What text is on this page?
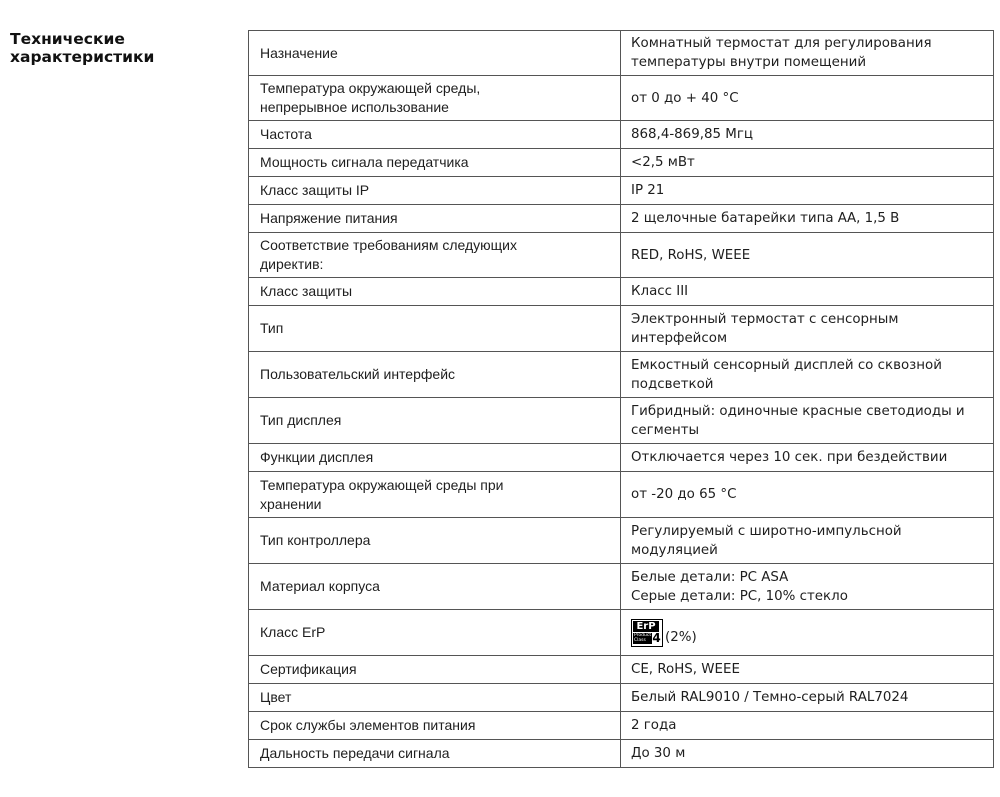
Технические
характеристики	Назначение	Комнатный термостат для регулирования
температуры внутри помещений

Температура окружающей среды,
непрерывное использование	от 0 до + 40 °C

Частота	868,4-869,85 Мгц

Мощность сигнала передатчика	<2,5 мВт

Класс защиты IP	IP 21

Напряжение питания	2 щелочные батарейки типа АА, 1,5 В

Соответствие требованиям следующих
директив:	RED, RoHS, WEEE

Класс защиты	Класс III

Тип	Электронный термостат с сенсорным
интерфейсом

Пользовательский интерфейс	Емкостный сенсорный дисплей со сквозной
подсветкой

Тип дисплея	Гибридный: одиночные красные светодиоды и
сегменты

Функции дисплея	Отключается через 10 сек. при бездействии

Температура окружающей среды при
хранении	от -20 до 65 °C

Тип контроллера	Регулируемый с широтно-импульсной
модуляцией

Материал корпуса	Белые детали: PC ASA
Серые детали: PC, 10% стекло

Класс ErP	ErP
Product
Class 4 (2%)

Сертификация	CE, RoHS, WEEE

Цвет	Белый RAL9010 / Темно-серый RAL7024

Срок службы элементов питания	2 года

Дальность передачи сигнала	До 30 м
